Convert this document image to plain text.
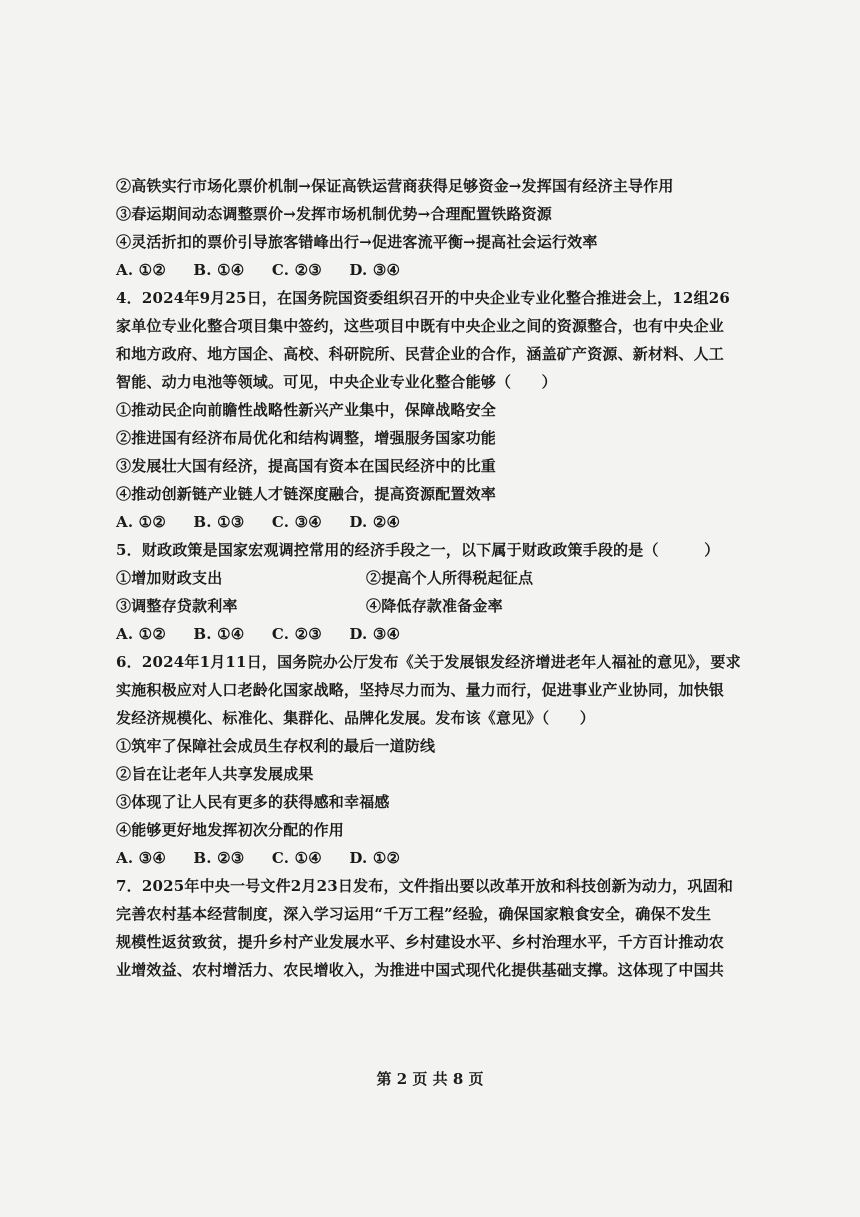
②高铁实行市场化票价机制→保证高铁运营商获得足够资金→发挥国有经济主导作用
③春运期间动态调整票价→发挥市场机制优势→合理配置铁路资源
④灵活折扣的票价引导旅客错峰出行→促进客流平衡→提高社会运行效率
A. ①② B. ①④ C. ②③ D. ③④
4．2024年9月25日，在国务院国资委组织召开的中央企业专业化整合推进会上，12组26
家单位专业化整合项目集中签约，这些项目中既有中央企业之间的资源整合，也有中央企业
和地方政府、地方国企、高校、科研院所、民营企业的合作，涵盖矿产资源、新材料、人工
智能、动力电池等领域。可见，中央企业专业化整合能够（　　）
①推动民企向前瞻性战略性新兴产业集中，保障战略安全
②推进国有经济布局优化和结构调整，增强服务国家功能
③发展壮大国有经济，提高国有资本在国民经济中的比重
④推动创新链产业链人才链深度融合，提高资源配置效率
A. ①② B. ①③ C. ③④ D. ②④
5．财政政策是国家宏观调控常用的经济手段之一，以下属于财政政策手段的是（　　　）
①增加财政支出	②提高个人所得税起征点
③调整存贷款利率	④降低存款准备金率
A. ①② B. ①④ C. ②③ D. ③④
6．2024年1月11日，国务院办公厅发布《关于发展银发经济增进老年人福祉的意见》，要求
实施积极应对人口老龄化国家战略，坚持尽力而为、量力而行，促进事业产业协同，加快银
发经济规模化、标准化、集群化、品牌化发展。发布该《意见》（　　）
①筑牢了保障社会成员生存权利的最后一道防线
②旨在让老年人共享发展成果
③体现了让人民有更多的获得感和幸福感
④能够更好地发挥初次分配的作用
A. ③④ B. ②③ C. ①④ D. ①②
7．2025年中央一号文件2月23日发布，文件指出要以改革开放和科技创新为动力，巩固和
完善农村基本经营制度，深入学习运用“千万工程”经验，确保国家粮食安全，确保不发生
规模性返贫致贫，提升乡村产业发展水平、乡村建设水平、乡村治理水平，千方百计推动农
业增效益、农村增活力、农民增收入，为推进中国式现代化提供基础支撑。这体现了中国共
第 2 页 共 8 页
